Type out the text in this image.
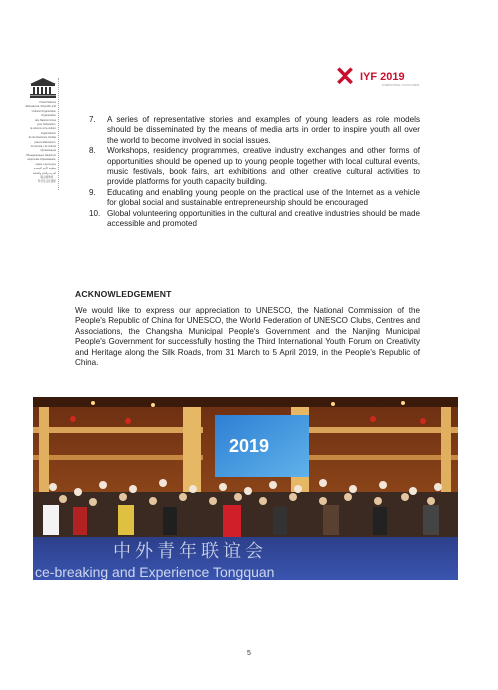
United Nations
Educational, Scientific and
Cultural Organization
Organisation
des Nations Unies
pour l'éducation,
la science et la culture
Organización
de las Naciones Unidas
para la Educación,
la Ciencia y la Cultura
Организация
Объединенных Наций по
вопросам образования,
науки и культуры
منظمة الأمم المتحدة
للتربية والعلم والثقافة
联合国教育、
科学及文化组织
IYF 2019
INTERNATIONAL YOUTH FORUM
7.	A series of representative stories and examples of young leaders as role models should be disseminated by the means of media arts in order to inspire youth all over the world to become involved in social issues.
8.	Workshops, residency programmes, creative industry exchanges and other forms of opportunities should be opened up to young people together with local cultural events, music festivals, book fairs, art exhibitions and other creative cultural activities to provide platforms for youth capacity building.
9.	Educating and enabling young people on the practical use of the Internet as a vehicle for global social and sustainable entrepreneurship should be encouraged
10. Global volunteering opportunities in the cultural and creative industries should be made accessible and promoted
ACKNOWLEDGEMENT
We would like to express our appreciation to UNESCO, the National Commission of the People's Republic of China for UNESCO, the World Federation of UNESCO Clubs, Centres and Associations, the Changsha Municipal People's Government and the Nanjing Municipal People's Government for successfully hosting the Third International Youth Forum on Creativity and Heritage along the Silk Roads, from 31 March to 5 April 2019, in the People's Republic of China.
2019
中外青年联谊会
ce-breaking and Experience Tongquan
5
